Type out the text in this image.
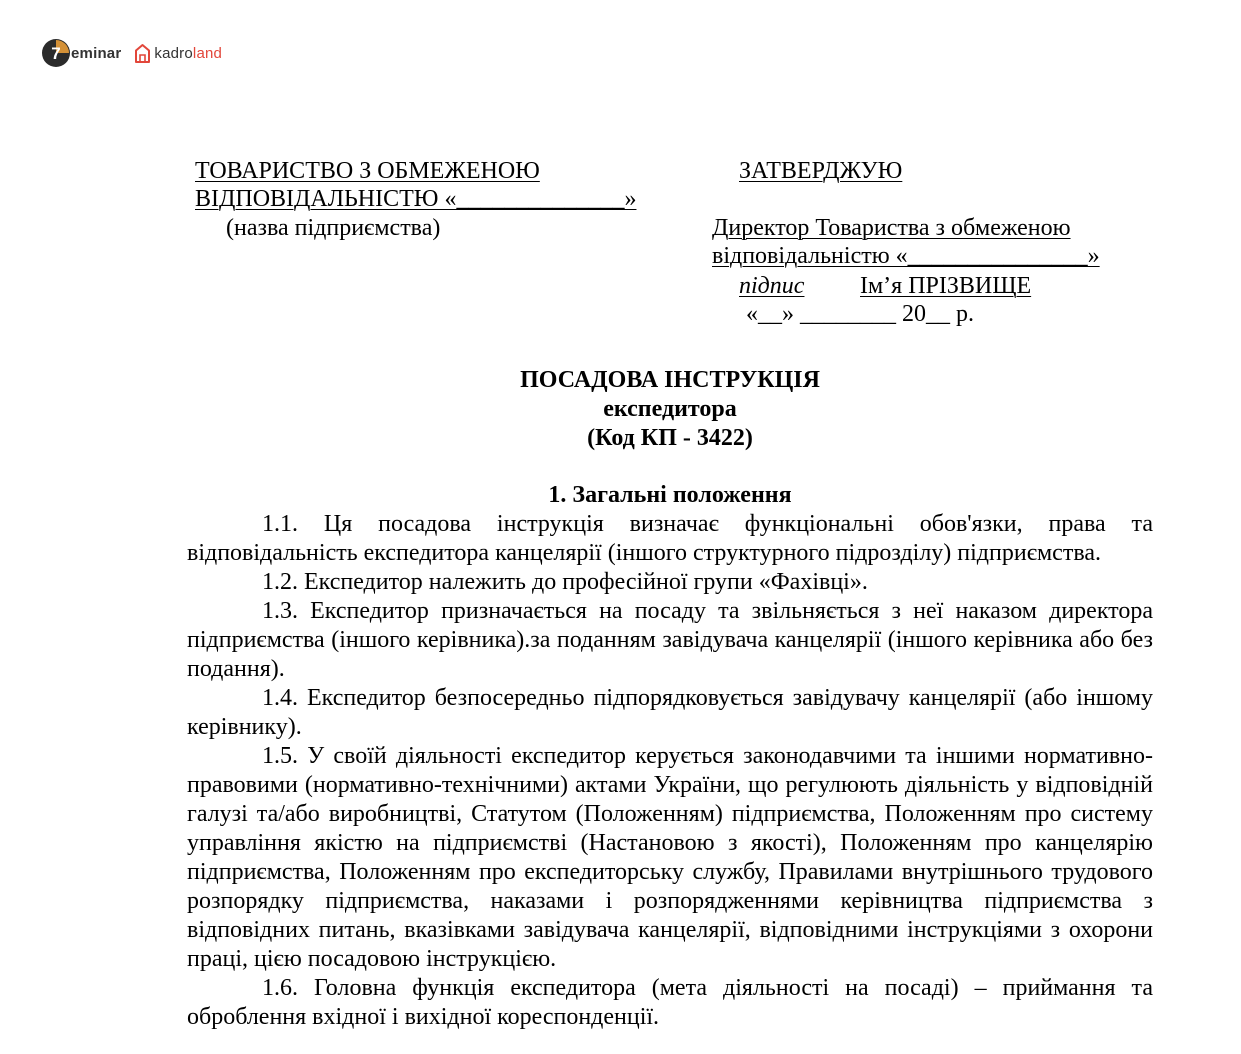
7 eminar kadroland
ТОВАРИСТВО З ОБМЕЖЕНОЮ
ВІДПОВІДАЛЬНІСТЮ «______________»
(назва підприємства)
ЗАТВЕРДЖУЮ
Директор Товариства з обмеженою
відповідальністю «_______________»
підпис Ім’я ПРІЗВИЩЕ
«__» ________ 20__ р.
ПОСАДОВА ІНСТРУКЦІЯ
експедитора
(Код КП - 3422)
1. Загальні положення

1.1. Ця посадова інструкція визначає функціональні обов'язки, права та відповідальність експедитора канцелярії (іншого структурного підрозділу) підприємства.

1.2. Експедитор належить до професійної групи «Фахівці».

1.3. Експедитор призначається на посаду та звільняється з неї наказом директора підприємства (іншого керівника).за поданням завідувача канцелярії (іншого керівника або без подання).

1.4. Експедитор безпосередньо підпорядковується завідувачу канцелярії (або іншому керівнику).

1.5. У своїй діяльності експедитор керується законодавчими та іншими нормативно-правовими (нормативно-технічними) актами України, що регулюють діяльність у відповідній галузі та/або виробництві, Статутом (Положенням) підприємства, Положенням про систему управління якістю на підприємстві (Настановою з якості), Положенням про канцелярію підприємства, Положенням про експедиторську службу, Правилами внутрішнього трудового розпорядку підприємства, наказами і розпорядженнями керівництва підприємства з відповідних питань, вказівками завідувача канцелярії, відповідними інструкціями з охорони праці, цією посадовою інструкцією.

1.6. Головна функція експедитора (мета діяльності на посаді) – приймання та оброблення вхідної і вихідної кореспонденції.
